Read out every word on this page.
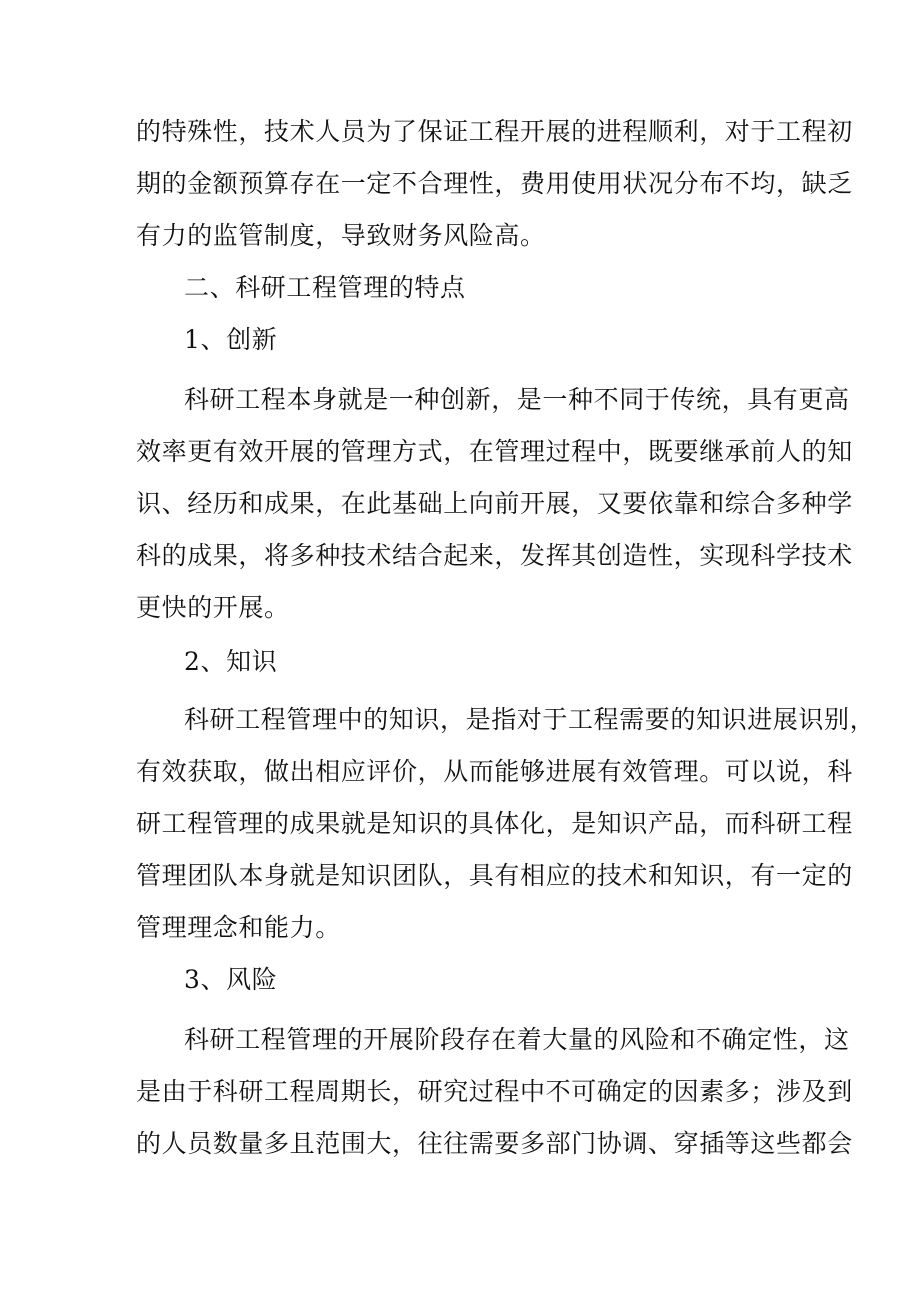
的特殊性，技术人员为了保证工程开展的进程顺利，对于工程初
期的金额预算存在一定不合理性，费用使用状况分布不均，缺乏
有力的监管制度，导致财务风险高。
二、科研工程管理的特点
1、创新
科研工程本身就是一种创新，是一种不同于传统，具有更高
效率更有效开展的管理方式，在管理过程中，既要继承前人的知
识、经历和成果，在此基础上向前开展，又要依靠和综合多种学
科的成果，将多种技术结合起来，发挥其创造性，实现科学技术
更快的开展。
2、知识
科研工程管理中的知识，是指对于工程需要的知识进展识别，
有效获取，做出相应评价，从而能够进展有效管理。可以说，科
研工程管理的成果就是知识的具体化，是知识产品，而科研工程
管理团队本身就是知识团队，具有相应的技术和知识，有一定的
管理理念和能力。
3、风险
科研工程管理的开展阶段存在着大量的风险和不确定性，这
是由于科研工程周期长，研究过程中不可确定的因素多；涉及到
的人员数量多且范围大，往往需要多部门协调、穿插等这些都会
